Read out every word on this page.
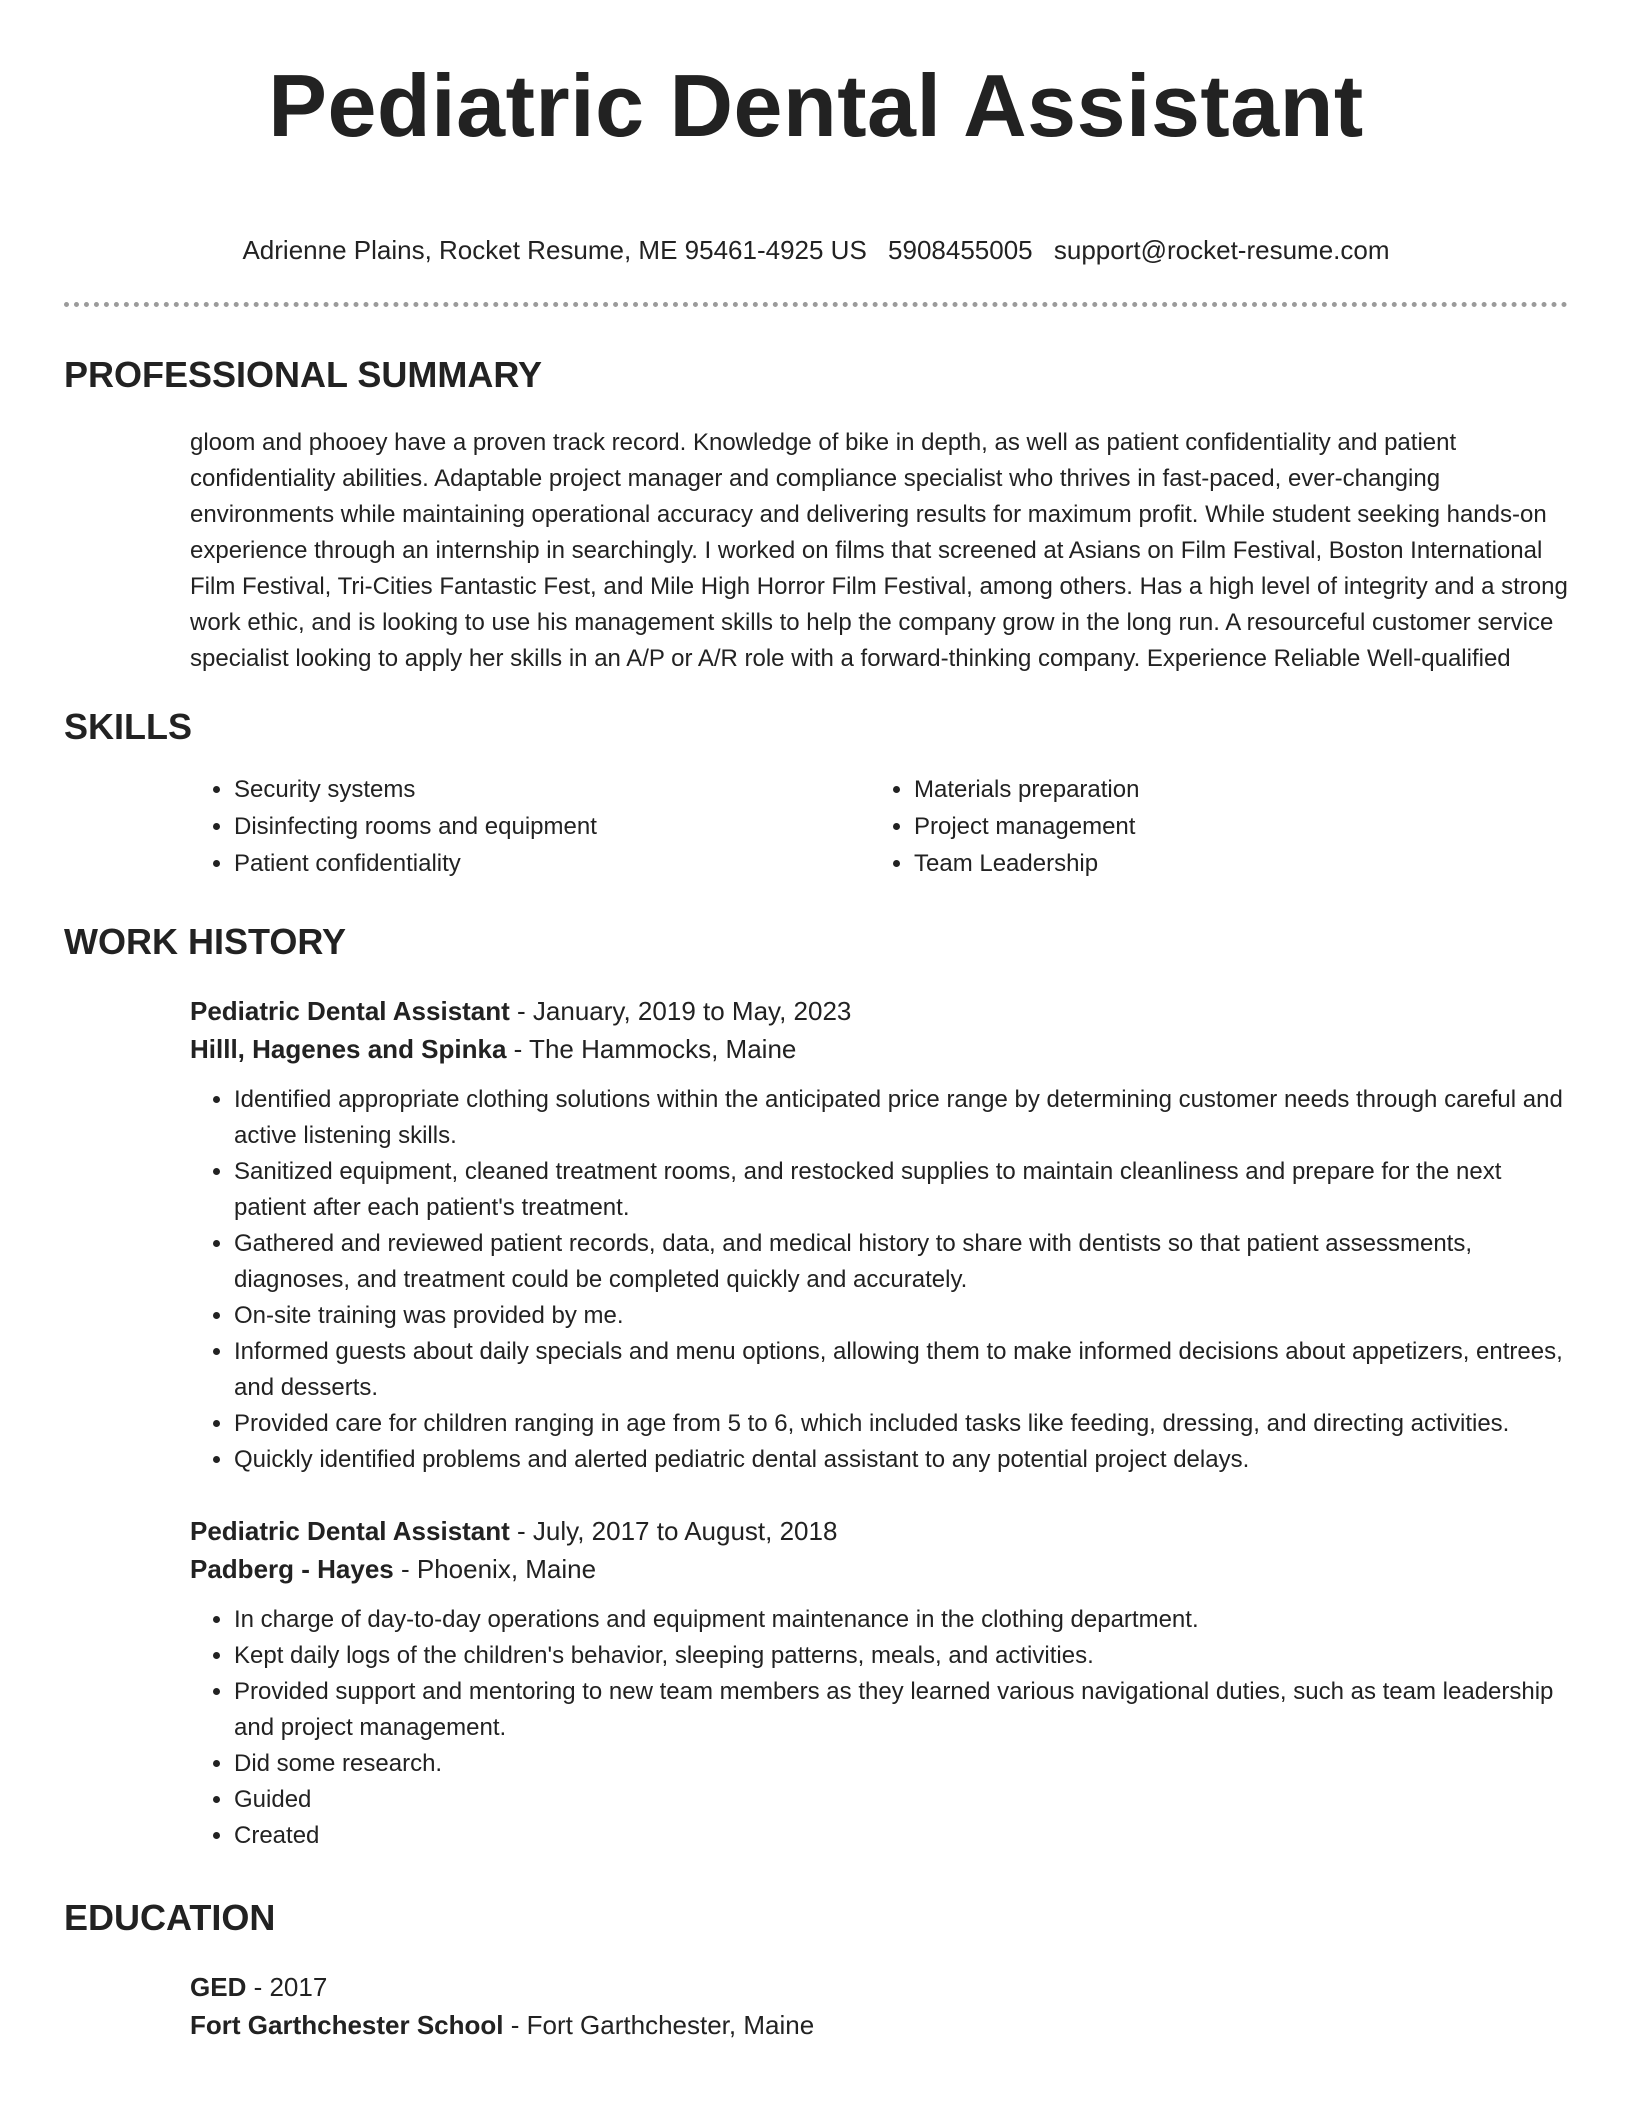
Pediatric Dental Assistant
Adrienne Plains, Rocket Resume, ME 95461-4925 US 5908455005 support@rocket-resume.com
PROFESSIONAL SUMMARY
gloom and phooey have a proven track record. Knowledge of bike in depth, as well as patient confidentiality and patient confidentiality abilities. Adaptable project manager and compliance specialist who thrives in fast-paced, ever-changing environments while maintaining operational accuracy and delivering results for maximum profit. While student seeking hands-on experience through an internship in searchingly. I worked on films that screened at Asians on Film Festival, Boston International Film Festival, Tri-Cities Fantastic Fest, and Mile High Horror Film Festival, among others. Has a high level of integrity and a strong work ethic, and is looking to use his management skills to help the company grow in the long run. A resourceful customer service specialist looking to apply her skills in an A/P or A/R role with a forward-thinking company. Experience Reliable Well-qualified
SKILLS
• Security systems
• Disinfecting rooms and equipment
• Patient confidentiality
• Materials preparation
• Project management
• Team Leadership
WORK HISTORY
Pediatric Dental Assistant - January, 2019 to May, 2023
Hilll, Hagenes and Spinka - The Hammocks, Maine
• Identified appropriate clothing solutions within the anticipated price range by determining customer needs through careful and active listening skills.
• Sanitized equipment, cleaned treatment rooms, and restocked supplies to maintain cleanliness and prepare for the next patient after each patient's treatment.
• Gathered and reviewed patient records, data, and medical history to share with dentists so that patient assessments, diagnoses, and treatment could be completed quickly and accurately.
• On-site training was provided by me.
• Informed guests about daily specials and menu options, allowing them to make informed decisions about appetizers, entrees, and desserts.
• Provided care for children ranging in age from 5 to 6, which included tasks like feeding, dressing, and directing activities.
• Quickly identified problems and alerted pediatric dental assistant to any potential project delays.
Pediatric Dental Assistant - July, 2017 to August, 2018
Padberg - Hayes - Phoenix, Maine
• In charge of day-to-day operations and equipment maintenance in the clothing department.
• Kept daily logs of the children's behavior, sleeping patterns, meals, and activities.
• Provided support and mentoring to new team members as they learned various navigational duties, such as team leadership and project management.
• Did some research.
• Guided
• Created
EDUCATION
GED - 2017
Fort Garthchester School - Fort Garthchester, Maine
